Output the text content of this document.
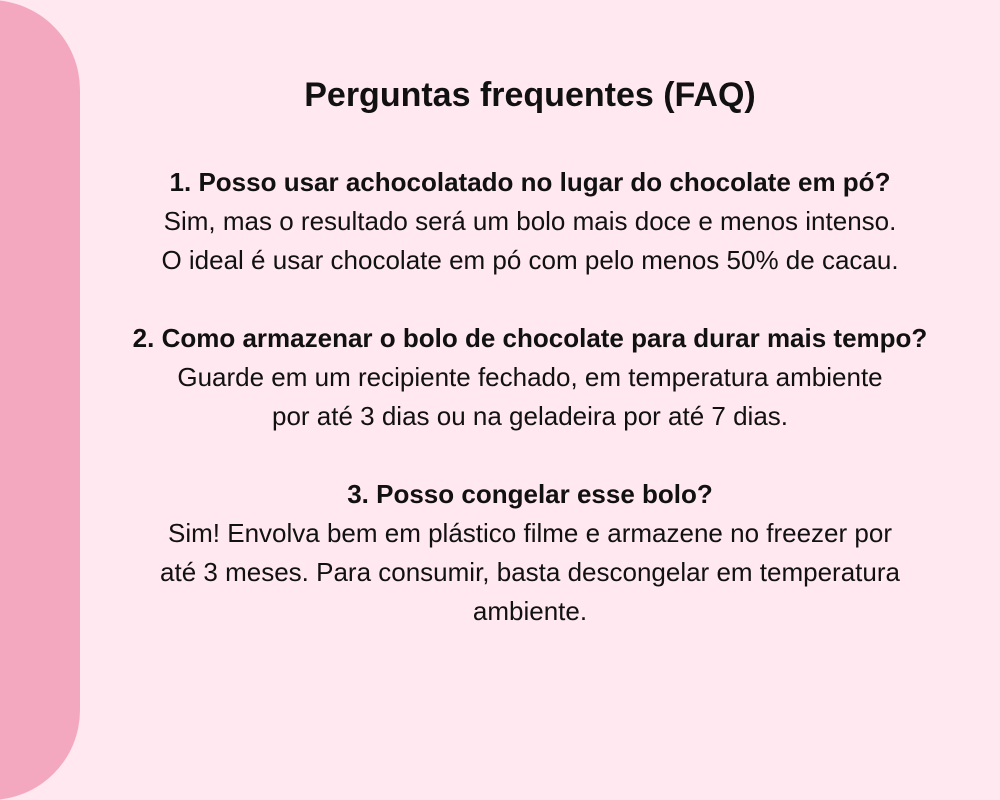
Perguntas frequentes (FAQ)
1. Posso usar achocolatado no lugar do chocolate em pó?

Sim, mas o resultado será um bolo mais doce e menos intenso.
O ideal é usar chocolate em pó com pelo menos 50% de cacau.

2. Como armazenar o bolo de chocolate para durar mais tempo?

Guarde em um recipiente fechado, em temperatura ambiente
por até 3 dias ou na geladeira por até 7 dias.

3. Posso congelar esse bolo?

Sim! Envolva bem em plástico filme e armazene no freezer por
até 3 meses. Para consumir, basta descongelar em temperatura
ambiente.
